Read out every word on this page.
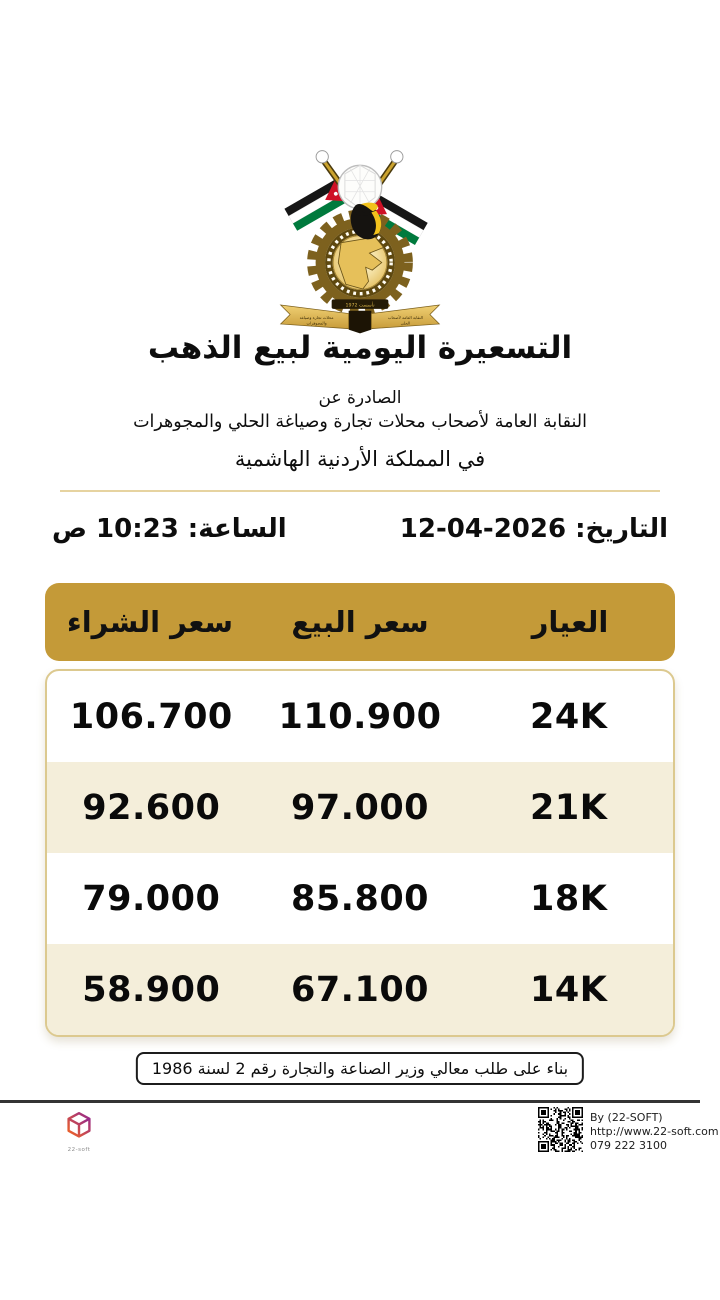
تأسست 1972
محلات تجارة وصياغة
والمجوهرات
النقابة العامة لأصحاب
الحلي
التسعيرة اليومية لبيع الذهب
الصادرة عن
النقابة العامة لأصحاب محلات تجارة وصياغة الحلي والمجوهرات
في المملكة الأردنية الهاشمية
التاريخ:
12-04-2026
الساعة:
10:23 ص
العيار
سعر البيع
سعر الشراء
24K
110.900
106.700
21K
97.000
92.600
18K
85.800
79.000
14K
67.100
58.900
بناء على طلب معالي وزير الصناعة والتجارة رقم 2 لسنة 1986
By (22-SOFT)
http://www.22-soft.com
079 222 3100
22-soft
